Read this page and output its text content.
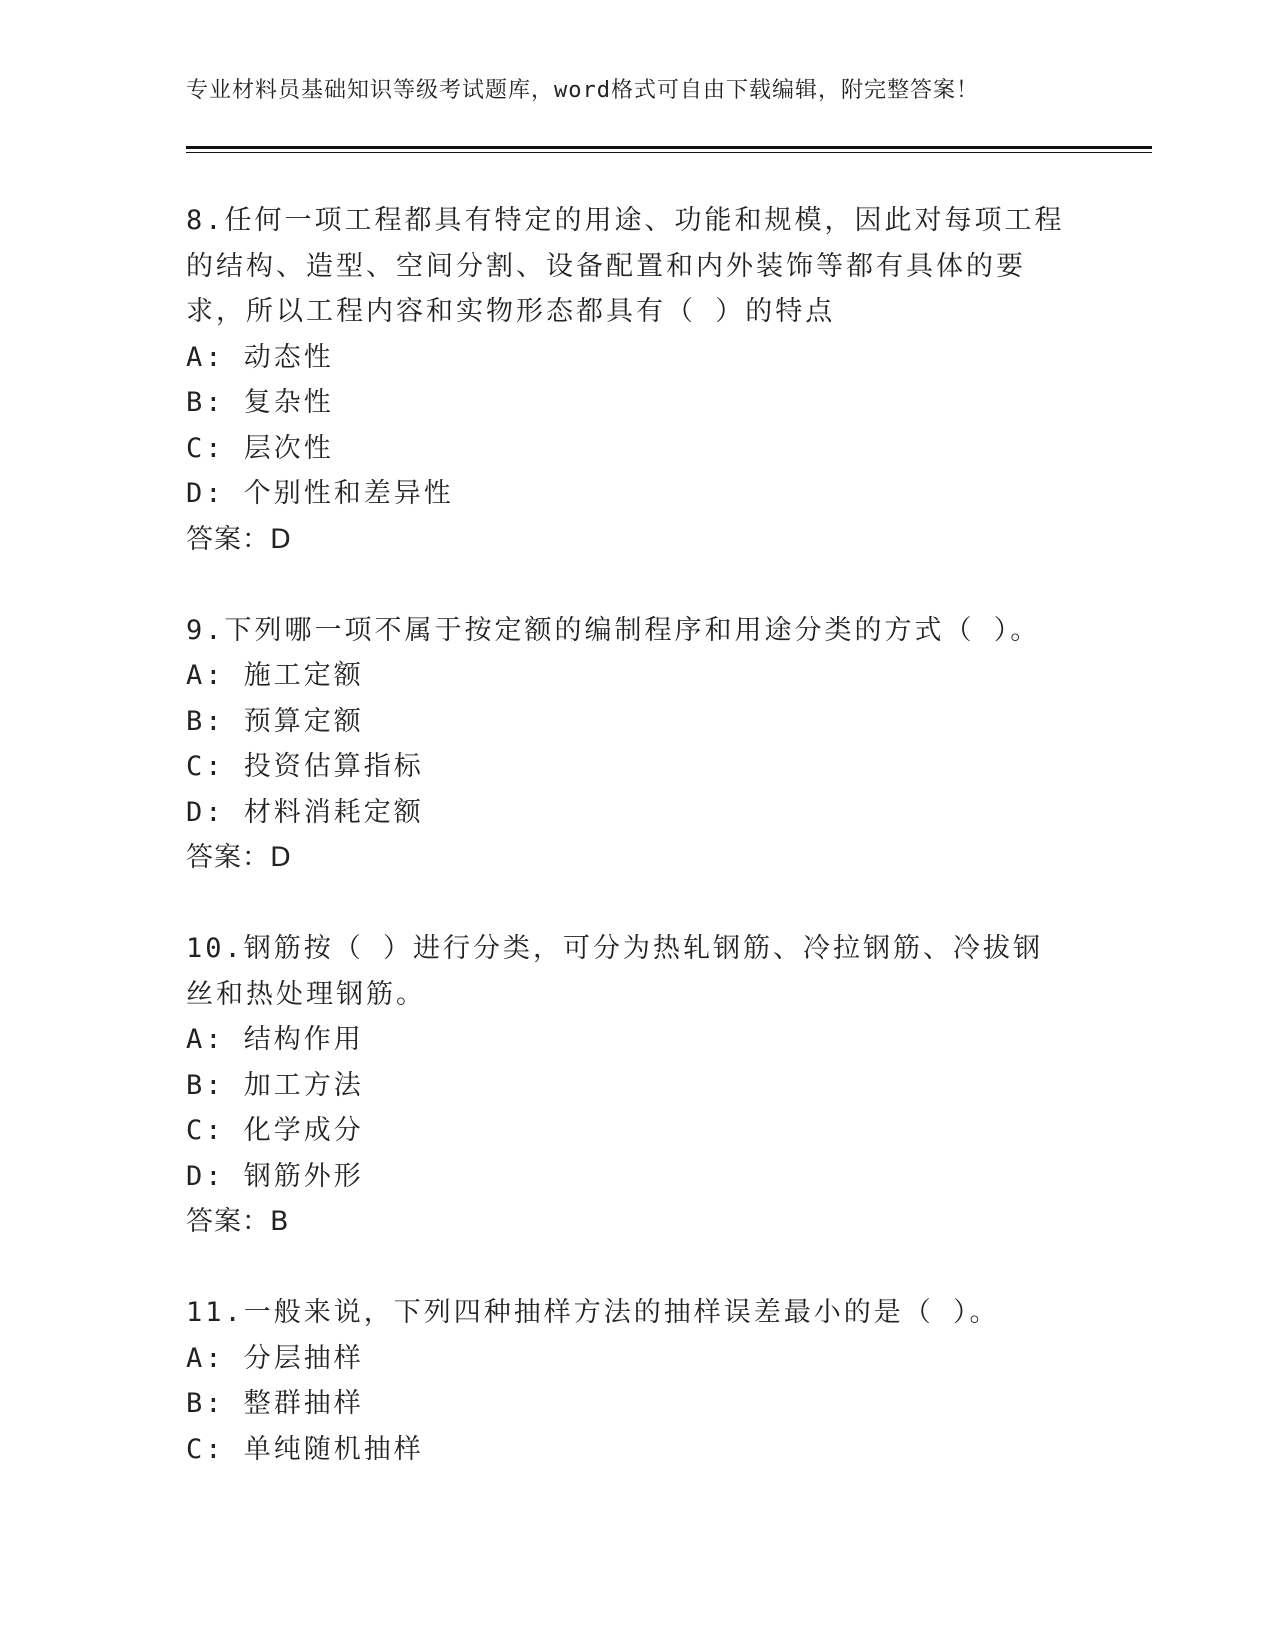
专业材料员基础知识等级考试题库，word格式可自由下载编辑，附完整答案！

8.任何一项工程都具有特定的用途、功能和规模，因此对每项工程的结构、造型、空间分割、设备配置和内外装饰等都有具体的要求，所以工程内容和实物形态都具有（ ）的特点

A: 动态性

B: 复杂性

C: 层次性

D: 个别性和差异性

答案：D

9.下列哪一项不属于按定额的编制程序和用途分类的方式（ ）。

A: 施工定额

B: 预算定额

C: 投资估算指标

D: 材料消耗定额

答案：D

10.钢筋按（ ）进行分类，可分为热轧钢筋、冷拉钢筋、冷拔钢丝和热处理钢筋。

A: 结构作用

B: 加工方法

C: 化学成分

D: 钢筋外形

答案：B

11.一般来说，下列四种抽样方法的抽样误差最小的是（ ）。

A: 分层抽样

B: 整群抽样

C: 单纯随机抽样
